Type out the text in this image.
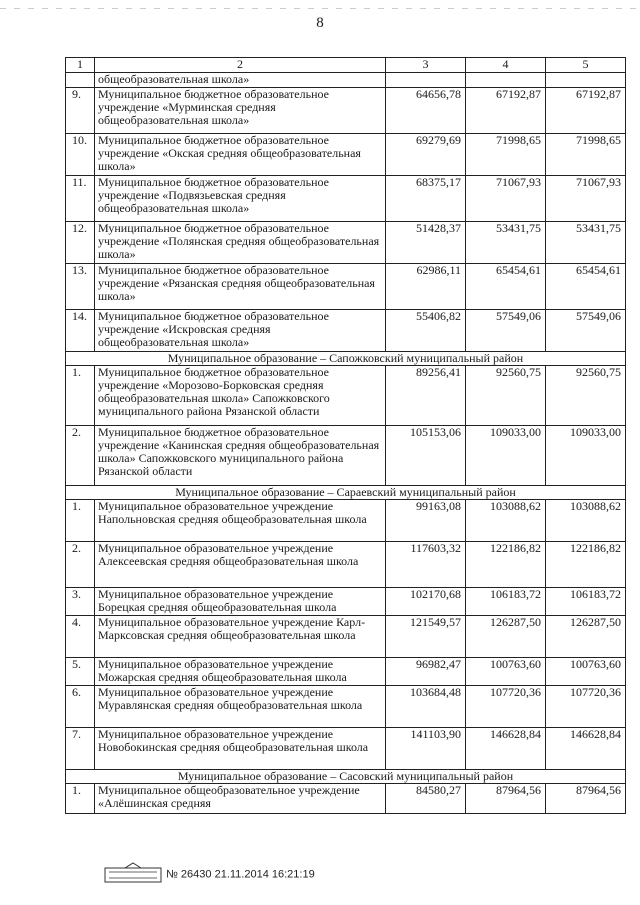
8
1	2	3	4	5
	общеобразовательная школа»			
9.	Муниципальное бюджетное образовательное учреждение «Мурминская средняя общеобразовательная школа»	64656,78	67192,87	67192,87
10.	Муниципальное бюджетное образовательное учреждение «Окская средняя общеобразовательная школа»	69279,69	71998,65	71998,65
11.	Муниципальное бюджетное образовательное учреждение «Подвязьевская средняя общеобразовательная школа»	68375,17	71067,93	71067,93
12.	Муниципальное бюджетное образовательное учреждение «Полянская средняя общеобразовательная школа»	51428,37	53431,75	53431,75
13.	Муниципальное бюджетное образовательное учреждение «Рязанская средняя общеобразовательная школа»	62986,11	65454,61	65454,61
14.	Муниципальное бюджетное образовательное учреждение «Искровская средняя общеобразовательная школа»	55406,82	57549,06	57549,06
Муниципальное образование – Сапожковский муниципальный район				
1.	Муниципальное бюджетное образовательное учреждение «Морозово-Борковская средняя общеобразовательная школа» Сапожковского муниципального района Рязанской области	89256,41	92560,75	92560,75
2.	Муниципальное бюджетное образовательное учреждение «Канинская средняя общеобразовательная школа» Сапожковского муниципального района Рязанской области	105153,06	109033,00	109033,00
Муниципальное образование – Сараевский муниципальный район				
1.	Муниципальное образовательное учреждение Напольновская средняя общеобразовательная школа	99163,08	103088,62	103088,62
2.	Муниципальное образовательное учреждение Алексеевская средняя общеобразовательная школа	117603,32	122186,82	122186,82
3.	Муниципальное образовательное учреждение Борецкая средняя общеобразовательная школа	102170,68	106183,72	106183,72
4.	Муниципальное образовательное учреждение Карл-Марксовская средняя общеобразовательная школа	121549,57	126287,50	126287,50
5.	Муниципальное образовательное учреждение Можарская средняя общеобразовательная школа	96982,47	100763,60	100763,60
6.	Муниципальное образовательное учреждение Муравлянская средняя общеобразовательная школа	103684,48	107720,36	107720,36
7.	Муниципальное образовательное учреждение Новобокинская средняя общеобразовательная школа	141103,90	146628,84	146628,84
Муниципальное образование – Сасовский муниципальный район				
1.	Муниципальное общеобразовательное учреждение «Алёшинская средняя	84580,27	87964,56	87964,56
№ 26430 21.11.2014 16:21:19
